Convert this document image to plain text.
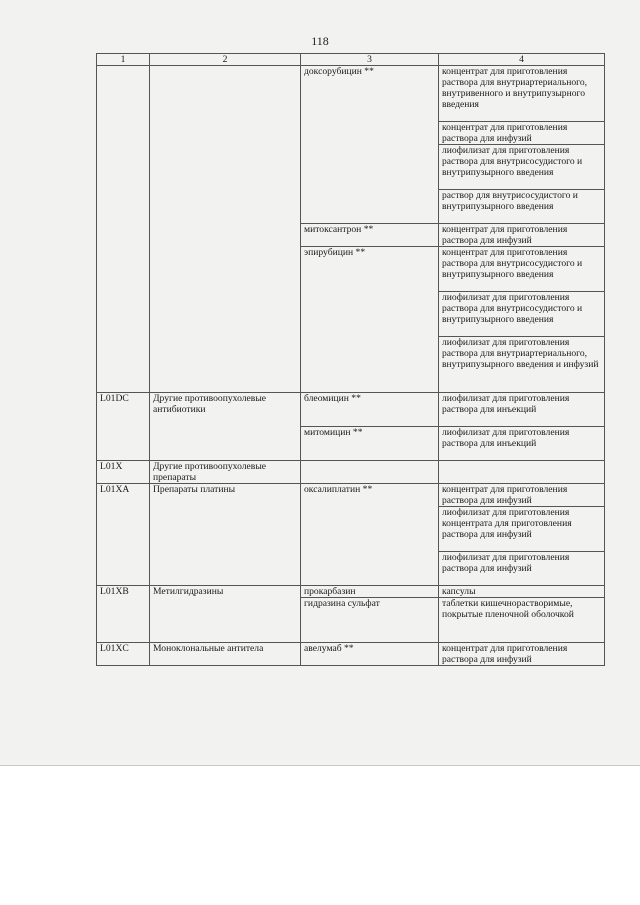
118
1	2	3	4
		доксорубицин **	концентрат для приготовления раствора для внутриартериального, внутривенного и внутрипузырного введения
			концентрат для приготовления раствора для инфузий
			лиофилизат для приготовления раствора для внутрисосудистого и внутрипузырного введения
			раствор для внутрисосудистого и внутрипузырного введения
		митоксантрон **	концентрат для приготовления раствора для инфузий
		эпирубицин **	концентрат для приготовления раствора для внутрисосудистого и внутрипузырного введения
			лиофилизат для приготовления раствора для внутрисосудистого и внутрипузырного введения
			лиофилизат для приготовления раствора для внутриартериального, внутрипузырного введения и инфузий
L01DC	Другие противоопухолевые антибиотики	блеомицин **	лиофилизат для приготовления раствора для инъекций
		митомицин **	лиофилизат для приготовления раствора для инъекций
L01X	Другие противоопухолевые препараты		
L01XA	Препараты платины	оксалиплатин **	концентрат для приготовления раствора для инфузий
			лиофилизат для приготовления концентрата для приготовления раствора для инфузий
			лиофилизат для приготовления раствора для инфузий
L01XB	Метилгидразины	прокарбазин	капсулы
		гидразина сульфат	таблетки кишечнорастворимые, покрытые пленочной оболочкой
L01XC	Моноклональные антитела	авелумаб **	концентрат для приготовления раствора для инфузий
